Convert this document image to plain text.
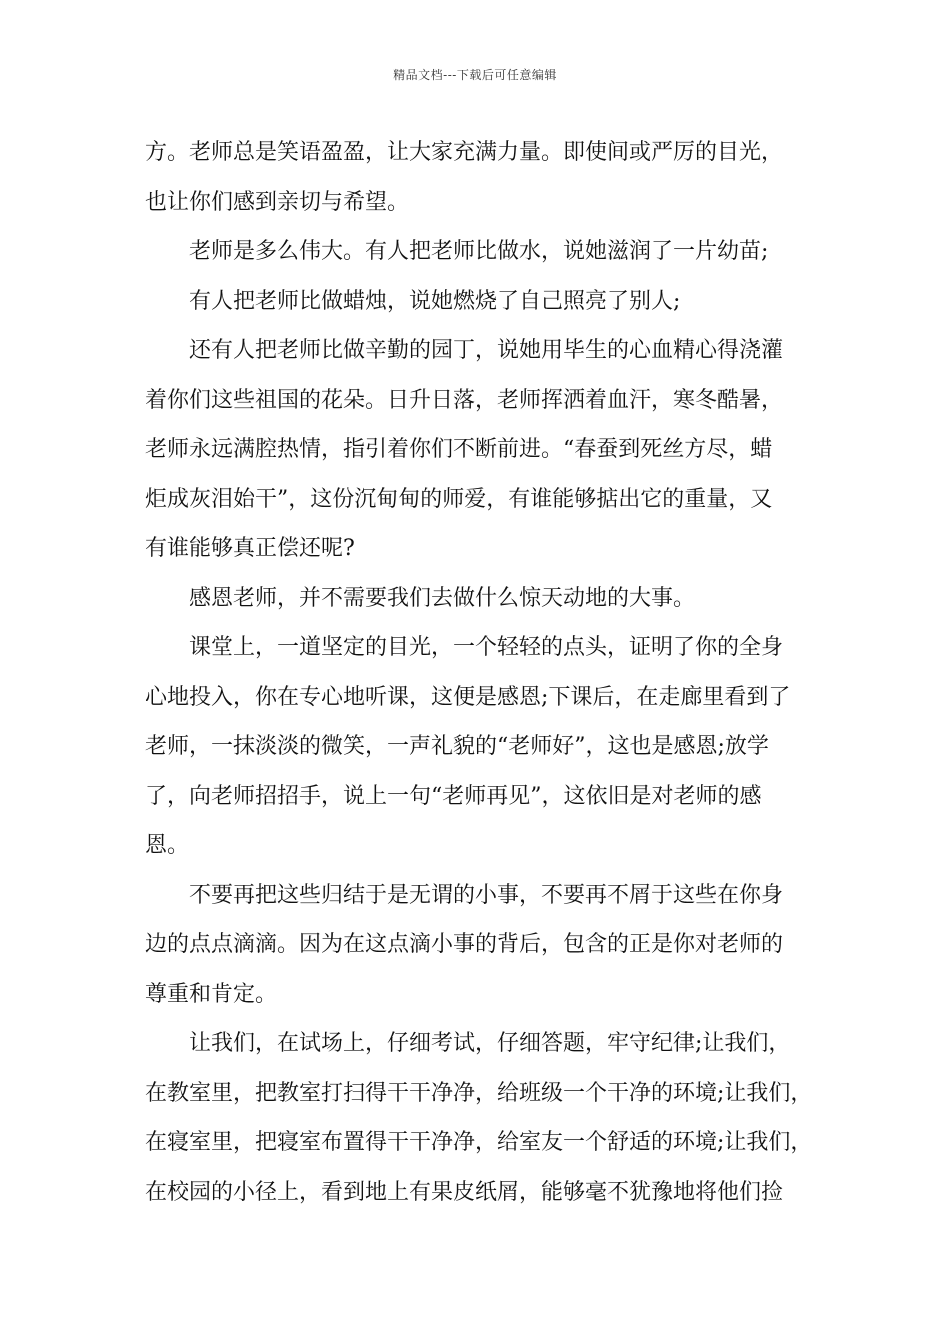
精品文档---下载后可任意编辑

方。老师总是笑语盈盈，让大家充满力量。即使间或严厉的目光，

也让你们感到亲切与希望。

老师是多么伟大。有人把老师比做水，说她滋润了一片幼苗;

有人把老师比做蜡烛，说她燃烧了自己照亮了别人;

还有人把老师比做辛勤的园丁，说她用毕生的心血精心得浇灌

着你们这些祖国的花朵。日升日落，老师挥洒着血汗，寒冬酷暑，

老师永远满腔热情，指引着你们不断前进。“春蚕到死丝方尽，蜡

炬成灰泪始干”，这份沉甸甸的师爱，有谁能够掂出它的重量，又

有谁能够真正偿还呢?

感恩老师，并不需要我们去做什么惊天动地的大事。

课堂上，一道坚定的目光，一个轻轻的点头，证明了你的全身

心地投入，你在专心地听课，这便是感恩;下课后，在走廊里看到了

老师，一抹淡淡的微笑，一声礼貌的“老师好”，这也是感恩;放学

了，向老师招招手，说上一句“老师再见”，这依旧是对老师的感

恩。

不要再把这些归结于是无谓的小事，不要再不屑于这些在你身

边的点点滴滴。因为在这点滴小事的背后，包含的正是你对老师的

尊重和肯定。

让我们，在试场上，仔细考试，仔细答题，牢守纪律;让我们，

在教室里，把教室打扫得干干净净，给班级一个干净的环境;让我们，

在寝室里，把寝室布置得干干净净，给室友一个舒适的环境;让我们，

在校园的小径上，看到地上有果皮纸屑，能够毫不犹豫地将他们捡
